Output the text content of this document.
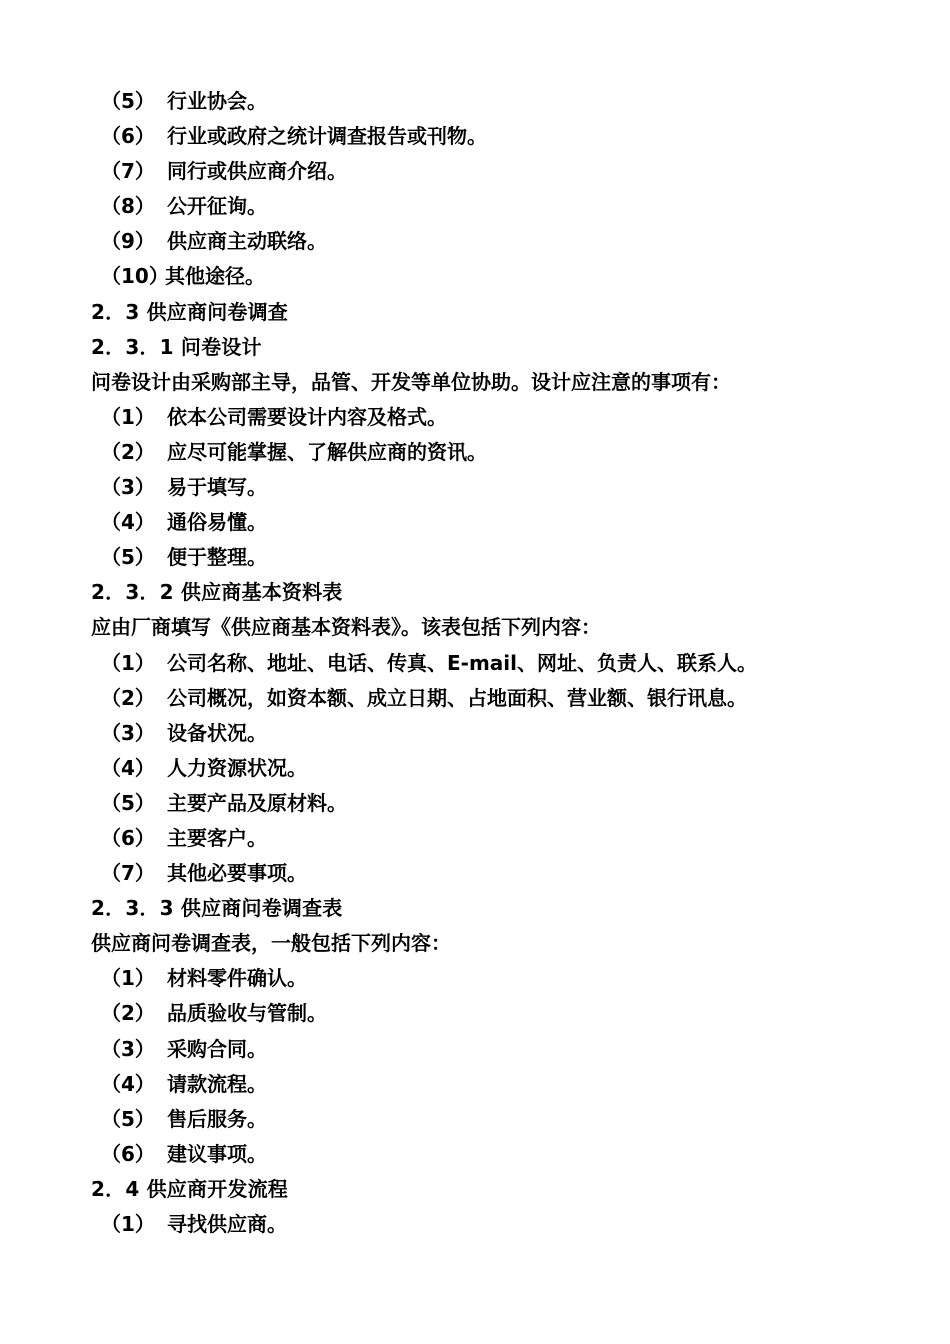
（5） 行业协会。
（6） 行业或政府之统计调查报告或刊物。
（7） 同行或供应商介绍。
（8） 公开征询。
（9） 供应商主动联络。
（10）
其他途径。
2．3 供应商问卷调查
2．3．1 问卷设计
问卷设计由采购部主导，品管、开发等单位协助。设计应注意的事项有：
（1） 依本公司需要设计内容及格式。
（2） 应尽可能掌握、了解供应商的资讯。
（3） 易于填写。
（4） 通俗易懂。
（5） 便于整理。
2．3．2 供应商基本资料表
应由厂商填写《供应商基本资料表》。该表包括下列内容：
（1） 公司名称、地址、电话、传真、E-mail、网址、负责人、联系人。
（2） 公司概况，如资本额、成立日期、占地面积、营业额、银行讯息。
（3） 设备状况。
（4） 人力资源状况。
（5） 主要产品及原材料。
（6） 主要客户。
（7） 其他必要事项。
2．3．3 供应商问卷调查表
供应商问卷调查表，一般包括下列内容：
（1） 材料零件确认。
（2） 品质验收与管制。
（3） 采购合同。
（4） 请款流程。
（5） 售后服务。
（6） 建议事项。
2．4 供应商开发流程
（1） 寻找供应商。
